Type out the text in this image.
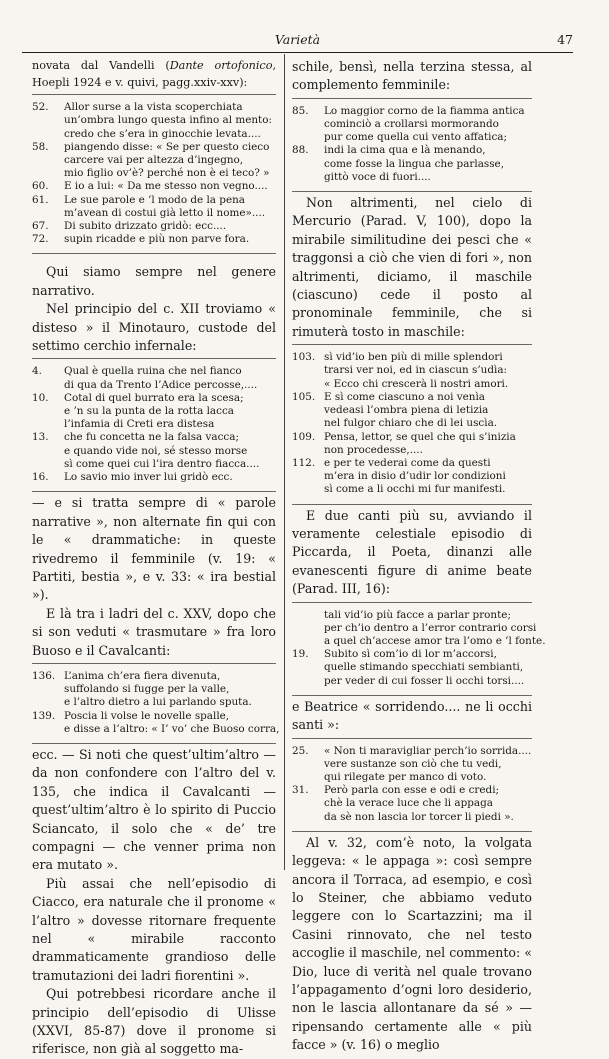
Varietà	47

novata dal Vandelli (Dante ortofonico, Hoepli 1924 e v. quivi, pagg.xxiv-xxv):

52. Allor surse a la vista scoperchiata
un’ombra lungo questa infino al mento:
credo che s’era in ginocchie levata....
58. piangendo disse: « Se per questo cieco
carcere vai per altezza d’ingegno,
mio figlio ov’è? perché non è ei teco? »
60. E io a lui: « Da me stesso non vegno....
61. Le sue parole e ’l modo de la pena
m’avean di costui già letto il nome»....
67. Di subito drizzato gridò: ecc....
72. supin ricadde e più non parve fora.

Qui siamo sempre nel genere narrativo.

Nel principio del c. XII troviamo « disteso » il Minotauro, custode del settimo cerchio infernale:

4. Qual è quella ruina che nel fianco
di qua da Trento l’Adice percosse,....
10. Cotal di quel burrato era la scesa;
e ’n su la punta de la rotta lacca
l’infamia di Creti era distesa
13. che fu concetta ne la falsa vacca;
e quando vide noi, sé stesso morse
sì come quei cui l’ira dentro fiacca....
16. Lo savio mio inver lui gridò ecc.

— e si tratta sempre di « parole narrative », non alternate fin qui con le « drammatiche: in queste rivedremo il femminile (v. 19: « Partiti, bestia », e v. 33: « ira bestial »).

E là tra i ladri del c. XXV, dopo che si son veduti « trasmutare » fra loro Buoso e il Cavalcanti:

136. L’anima ch’era fiera divenuta,
suffolando si fugge per la valle,
e l’altro dietro a lui parlando sputa.
139. Poscia li volse le novelle spalle,
e disse a l’altro: « I’ vo’ che Buoso corra,

ecc. — Si noti che quest’ultim’altro — da non confondere con l’altro del v. 135, che indica il Cavalcanti — quest’ultim’altro è lo spirito di Puccio Sciancato, il solo che « de’ tre compagni — che venner prima non era mutato ».

Più assai che nell’episodio di Ciacco, era naturale che il pronome « l’altro » dovesse ritornare frequente nel « mirabile racconto drammaticamente grandioso delle tramutazioni dei ladri fiorentini ».

Qui potrebbesi ricordare anche il principio dell’episodio di Ulisse (XXVI, 85-87) dove il pronome si riferisce, non già al soggetto ma-

schile, bensì, nella terzina stessa, al complemento femminile:

85. Lo maggior corno de la fiamma antica
cominciò a crollarsi mormorando
pur come quella cui vento affatica;
88. indi la cima qua e là menando,
come fosse la lingua che parlasse,
gittò voce di fuori....

Non altrimenti, nel cielo di Mercurio (Parad. V, 100), dopo la mirabile similitudine dei pesci che « traggonsi a ciò che vien di fori », non altrimenti, diciamo, il maschile (ciascuno) cede il posto al pronominale femminile, che si rimuterà tosto in maschile:

103. sì vid’io ben più di mille splendori
trarsi ver noi, ed in ciascun s’udìa:
« Ecco chi crescerà li nostri amori.
105. E sì come ciascuno a noi venìa
vedeasi l’ombra piena di letizia
nel fulgor chiaro che di lei uscìa.
109. Pensa, lettor, se quel che qui s’inizia
non procedesse,....
112. e per te vederai come da questi
m’era in disio d’udir lor condizioni
sì come a li occhi mi fur manifesti.

E due canti più su, avviando il veramente celestiale episodio di Piccarda, il Poeta, dinanzi alle evanescenti figure di anime beate (Parad. III, 16):

tali vid’io più facce a parlar pronte;
per ch’io dentro a l’error contrario corsi
a quel ch’accese amor tra l’omo e ’l fonte.
19. Subito sì com’io di lor m’accorsi,
quelle stimando specchiati sembianti,
per veder di cui fosser li occhi torsi....

e Beatrice « sorridendo.... ne li occhi santi »:

25. « Non ti maravigliar perch’io sorrida....
vere sustanze son ciò che tu vedi,
qui rilegate per manco di voto.
31. Però parla con esse e odi e credi;
chè la verace luce che li appaga
da sè non lascia lor torcer li piedi ».

Al v. 32, com’è noto, la volgata leggeva: « le appaga »: così sempre ancora il Torraca, ad esempio, e così lo Steiner, che abbiamo veduto leggere con lo Scartazzini; ma il Casini rinnovato, che nel testo accoglie il maschile, nel commento: « Dio, luce di verità nel quale trovano l’appagamento d’ogni loro desiderio, non le lascia allontanare da sé » — ripensando certamente alle « più facce » (v. 16) o meglio
